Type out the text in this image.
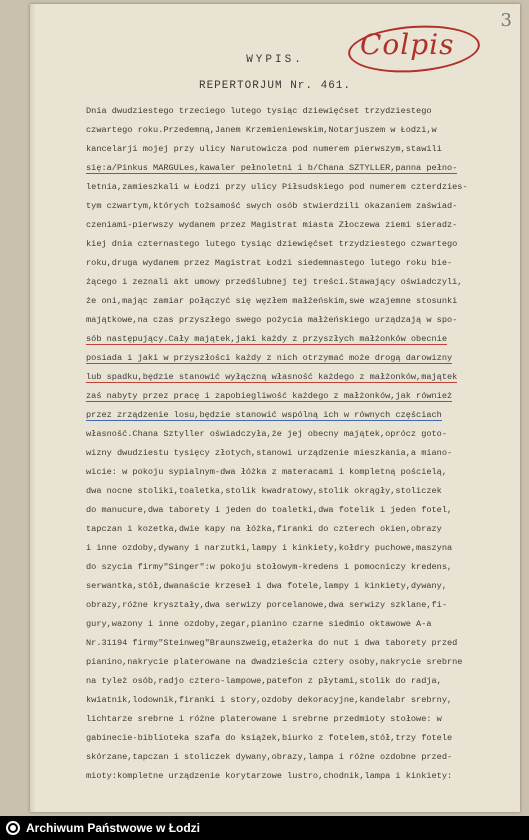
3
Colpis
WYPIS.
REPERTORJUM Nr. 461.
Dnia dwudziestego trzeciego lutego tysiąc dziewięćset trzydziestego
czwartego roku.Przedemną,Janem Krzemieniewskim,Notarjuszem w Łodzi,w
kancelarji mojej przy ulicy Narutowicza pod numerem pierwszym,stawili
się:a/Pinkus MARGULes,kawaler pełnoletni i b/Chana SZTYLLER,panna pełno-
letnia,zamieszkali w Łodzi przy ulicy Piłsudskiego pod numerem czterdzies-
tym czwartym,których tożsamość swych osób stwierdzili okazaniem zaświad-
czeniami-pierwszy wydanem przez Magistrat miasta Złoczewa ziemi sieradz-
kiej dnia czternastego lutego tysiąc dziewięćset trzydziestego czwartego
roku,druga wydanem przez Magistrat Łodzi siedemnastego lutego roku bie-
żącego i zeznali akt umowy przedślubnej tej treści.Stawający oświadczyli,
że oni,mając zamiar połączyć się węzłem małżeńskim,swe wzajemne stosunki
majątkowe,na czas przyszłego swego pożycia małżeńskiego urządzają w spo-
sób następujący.Cały majątek,jaki każdy z przyszłych małżonków obecnie
posiada i jaki w przyszłości każdy z nich otrzymać może drogą darowizny
lub spadku,będzie stanowić wyłączną własność każdego z małżonków,majątek
zaś nabyty przez pracę i zapobiegliwość każdego z małżonków,jak również
przez zrządzenie losu,będzie stanowić wspólną ich w równych częściach
własność.Chana Sztyller oświadczyła,że jej obecny majątek,oprócz goto-
wizny dwudziestu tysięcy złotych,stanowi urządzenie mieszkania,a miano-
wicie: w pokoju sypialnym-dwa łóżka z materacami i kompletną pościelą,
dwa nocne stoliki,toaletka,stolik kwadratowy,stolik okrągły,stoliczek
do manucure,dwa taborety i jeden do toaletki,dwa fotelik i jeden fotel,
tapczan i kozetka,dwie kapy na łóżka,firanki do czterech okien,obrazy
i inne ozdoby,dywany i narzutki,lampy i kinkiety,kołdry puchowe,maszyna
do szycia firmy"Singer":w pokoju stołowym-kredens i pomocniczy kredens,
serwantka,stół,dwanaście krzeseł i dwa fotele,lampy i kinkiety,dywany,
obrazy,różne kryształy,dwa serwizy porcelanowe,dwa serwizy szklane,fi-
gury,wazony i inne ozdoby,zegar,pianino czarne siedmio oktawowe A-a
Nr.31194 firmy"Steinweg"Braunszweig,etażerka do nut i dwa taborety przed
pianino,nakrycie platerowane na dwadzieścia cztery osoby,nakrycie srebrne
na tyleż osób,radjo cztero-lampowe,patefon z płytami,stolik do radja,
kwiatnik,lodownik,firanki i story,ozdoby dekoracyjne,kandelabr srebrny,
lichtarze srebrne i różne platerowane i srebrne przedmioty stołowe: w
gabinecie-biblioteka szafa do książek,biurko z fotelem,stół,trzy fotele
skórzane,tapczan i stoliczek dywany,obrazy,lampa i różne ozdobne przed-
mioty:kompletne urządzenie korytarzowe lustro,chodnik,lampa i kinkiety:
Archiwum Państwowe w Łodzi
